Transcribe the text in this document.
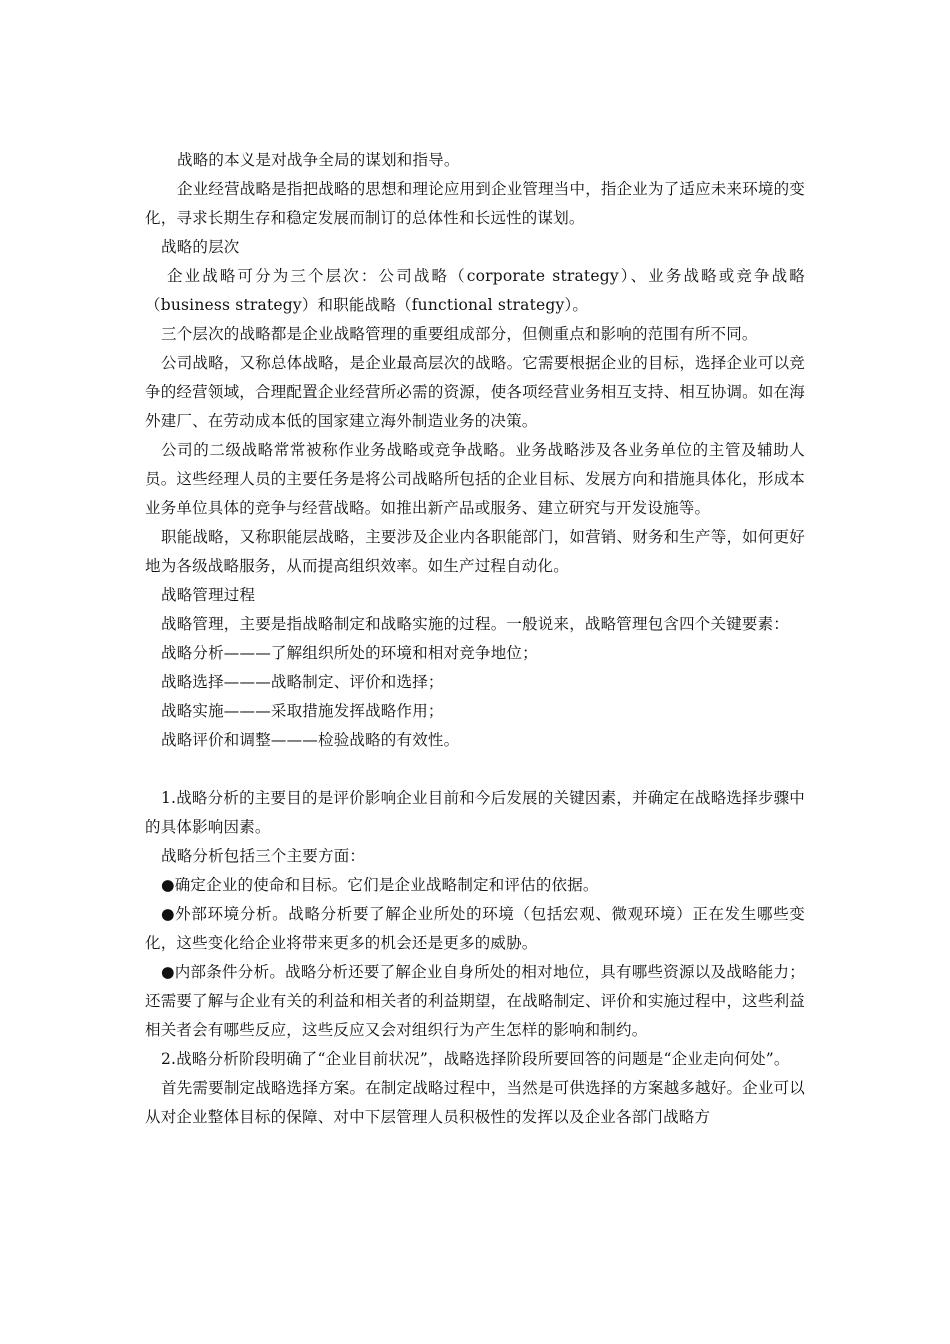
战略的本义是对战争全局的谋划和指导。

企业经营战略是指把战略的思想和理论应用到企业管理当中，指企业为了适应未来环境的变化，寻求长期生存和稳定发展而制订的总体性和长远性的谋划。

战略的层次

企业战略可分为三个层次：公司战略（corporate strategy）、业务战略或竞争战略（business strategy）和职能战略（functional strategy）。

三个层次的战略都是企业战略管理的重要组成部分，但侧重点和影响的范围有所不同。

公司战略，又称总体战略，是企业最高层次的战略。它需要根据企业的目标，选择企业可以竞争的经营领域，合理配置企业经营所必需的资源，使各项经营业务相互支持、相互协调。如在海外建厂、在劳动成本低的国家建立海外制造业务的决策。

公司的二级战略常常被称作业务战略或竞争战略。业务战略涉及各业务单位的主管及辅助人员。这些经理人员的主要任务是将公司战略所包括的企业目标、发展方向和措施具体化，形成本业务单位具体的竞争与经营战略。如推出新产品或服务、建立研究与开发设施等。

职能战略，又称职能层战略，主要涉及企业内各职能部门，如营销、财务和生产等，如何更好地为各级战略服务，从而提高组织效率。如生产过程自动化。

战略管理过程

战略管理，主要是指战略制定和战略实施的过程。一般说来，战略管理包含四个关键要素：

战略分析———了解组织所处的环境和相对竞争地位；

战略选择———战略制定、评价和选择；

战略实施———采取措施发挥战略作用；

战略评价和调整———检验战略的有效性。

1.战略分析的主要目的是评价影响企业目前和今后发展的关键因素，并确定在战略选择步骤中的具体影响因素。

战略分析包括三个主要方面：

●确定企业的使命和目标。它们是企业战略制定和评估的依据。

●外部环境分析。战略分析要了解企业所处的环境（包括宏观、微观环境）正在发生哪些变化，这些变化给企业将带来更多的机会还是更多的威胁。

●内部条件分析。战略分析还要了解企业自身所处的相对地位，具有哪些资源以及战略能力；还需要了解与企业有关的利益和相关者的利益期望，在战略制定、评价和实施过程中，这些利益相关者会有哪些反应，这些反应又会对组织行为产生怎样的影响和制约。

2.战略分析阶段明确了“企业目前状况”，战略选择阶段所要回答的问题是“企业走向何处”。

首先需要制定战略选择方案。在制定战略过程中，当然是可供选择的方案越多越好。企业可以从对企业整体目标的保障、对中下层管理人员积极性的发挥以及企业各部门战略方
